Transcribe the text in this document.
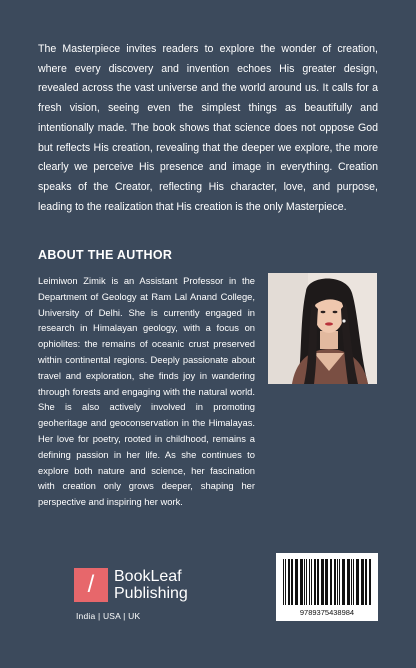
The Masterpiece invites readers to explore the wonder of creation, where every discovery and invention echoes His greater design, revealed across the vast universe and the world around us. It calls for a fresh vision, seeing even the simplest things as beautifully and intentionally made. The book shows that science does not oppose God but reflects His creation, revealing that the deeper we explore, the more clearly we perceive His presence and image in everything. Creation speaks of the Creator, reflecting His character, love, and purpose, leading to the realization that His creation is the only Masterpiece.

ABOUT THE AUTHOR

Leimiwon Zimik is an Assistant Professor in the Department of Geology at Ram Lal Anand College, University of Delhi. She is currently engaged in research in Himalayan geology, with a focus on ophiolites: the remains of oceanic crust preserved within continental regions. Deeply passionate about travel and exploration, she finds joy in wandering through forests and engaging with the natural world. She is also actively involved in promoting geoheritage and geoconservation in the Himalayas. Her love for poetry, rooted in childhood, remains a defining passion in her life. As she continues to explore both nature and science, her fascination with creation only grows deeper, shaping her perspective and inspiring her work.

/	BookLeaf
Publishing
India | USA | UK	9789375438984
